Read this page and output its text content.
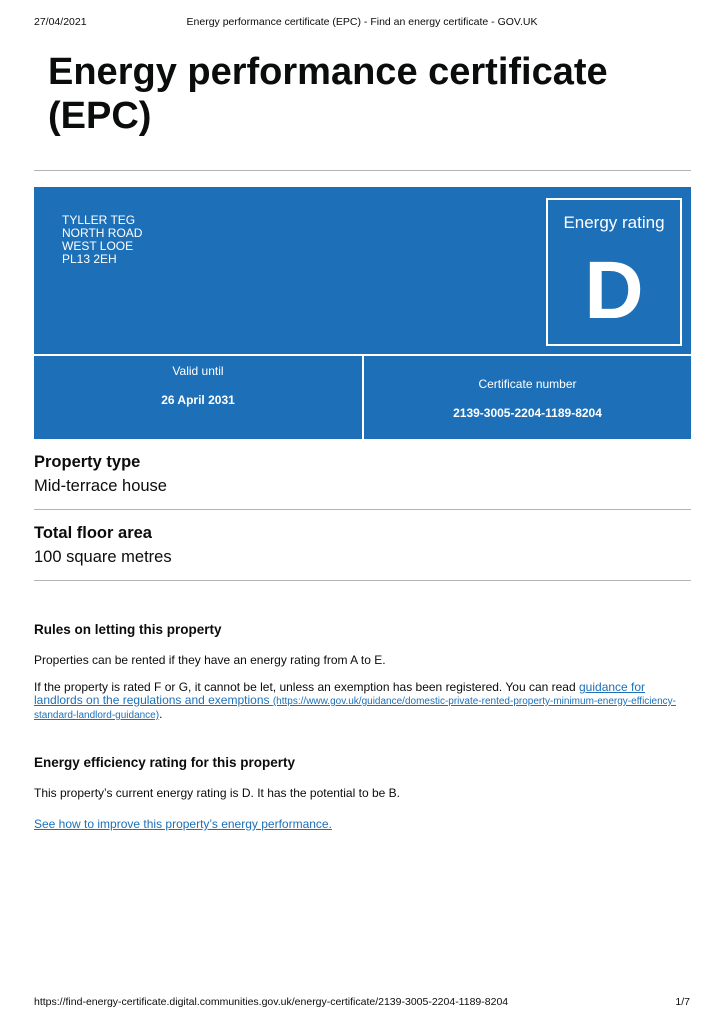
27/04/2021	Energy performance certificate (EPC) - Find an energy certificate - GOV.UK
Energy performance certificate (EPC)
TYLLER TEG
NORTH ROAD
WEST LOOE
PL13 2EH
Energy rating
D
Valid until
26 April 2031
Certificate number
2139-3005-2204-1189-8204
Property type

Mid-terrace house

Total floor area

100 square metres

Rules on letting this property

Properties can be rented if they have an energy rating from A to E.

If the property is rated F or G, it cannot be let, unless an exemption has been registered. You can read guidance for landlords on the regulations and exemptions (https://www.gov.uk/guidance/domestic-private-rented-property-minimum-energy-efficiency-standard-landlord-guidance).

Energy efficiency rating for this property

This property’s current energy rating is D. It has the potential to be B.

See how to improve this property’s energy performance.

https://find-energy-certificate.digital.communities.gov.uk/energy-certificate/2139-3005-2204-1189-8204	1/7
